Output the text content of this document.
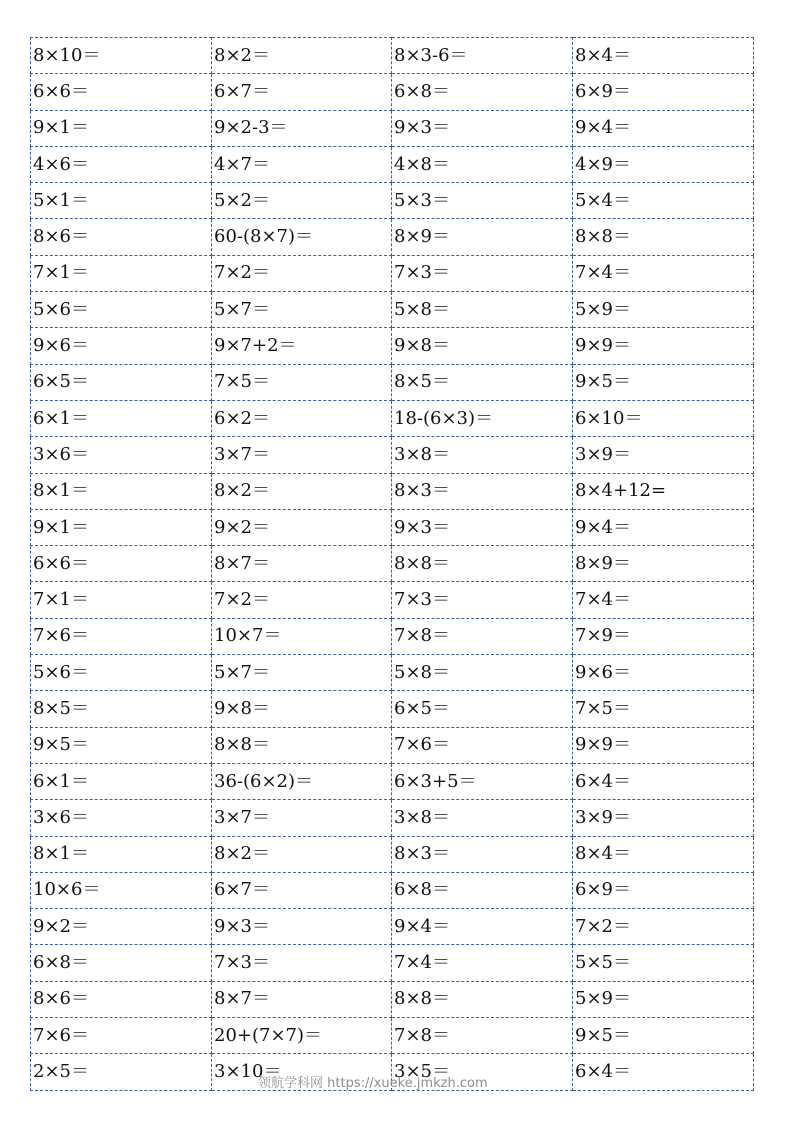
8×10＝	8×2＝	8×3-6＝	8×4＝
6×6＝	6×7＝	6×8＝	6×9＝
9×1＝	9×2-3＝	9×3＝	9×4＝
4×6＝	4×7＝	4×8＝	4×9＝
5×1＝	5×2＝	5×3＝	5×4＝
8×6＝	60-(8×7)＝	8×9＝	8×8＝
7×1＝	7×2＝	7×3＝	7×4＝
5×6＝	5×7＝	5×8＝	5×9＝
9×6＝	9×7+2＝	9×8＝	9×9＝
6×5＝	7×5＝	8×5＝	9×5＝
6×1＝	6×2＝	18-(6×3)＝	6×10＝
3×6＝	3×7＝	3×8＝	3×9＝
8×1＝	8×2＝	8×3＝	8×4+12=
9×1＝	9×2＝	9×3＝	9×4＝
6×6＝	8×7＝	8×8＝	8×9＝
7×1＝	7×2＝	7×3＝	7×4＝
7×6＝	10×7＝	7×8＝	7×9＝
5×6＝	5×7＝	5×8＝	9×6＝
8×5＝	9×8＝	6×5＝	7×5＝
9×5＝	8×8＝	7×6＝	9×9＝
6×1＝	36-(6×2)＝	6×3+5＝	6×4＝
3×6＝	3×7＝	3×8＝	3×9＝
8×1＝	8×2＝	8×3＝	8×4＝
10×6＝	6×7＝	6×8＝	6×9＝
9×2＝	9×3＝	9×4＝	7×2＝
6×8＝	7×3＝	7×4＝	5×5＝
8×6＝	8×7＝	8×8＝	5×9＝
7×6＝	20+(7×7)＝	7×8＝	9×5＝
2×5＝	3×10＝	3×5＝	6×4＝
领航学科网 https://xueke.jmkzh.com
